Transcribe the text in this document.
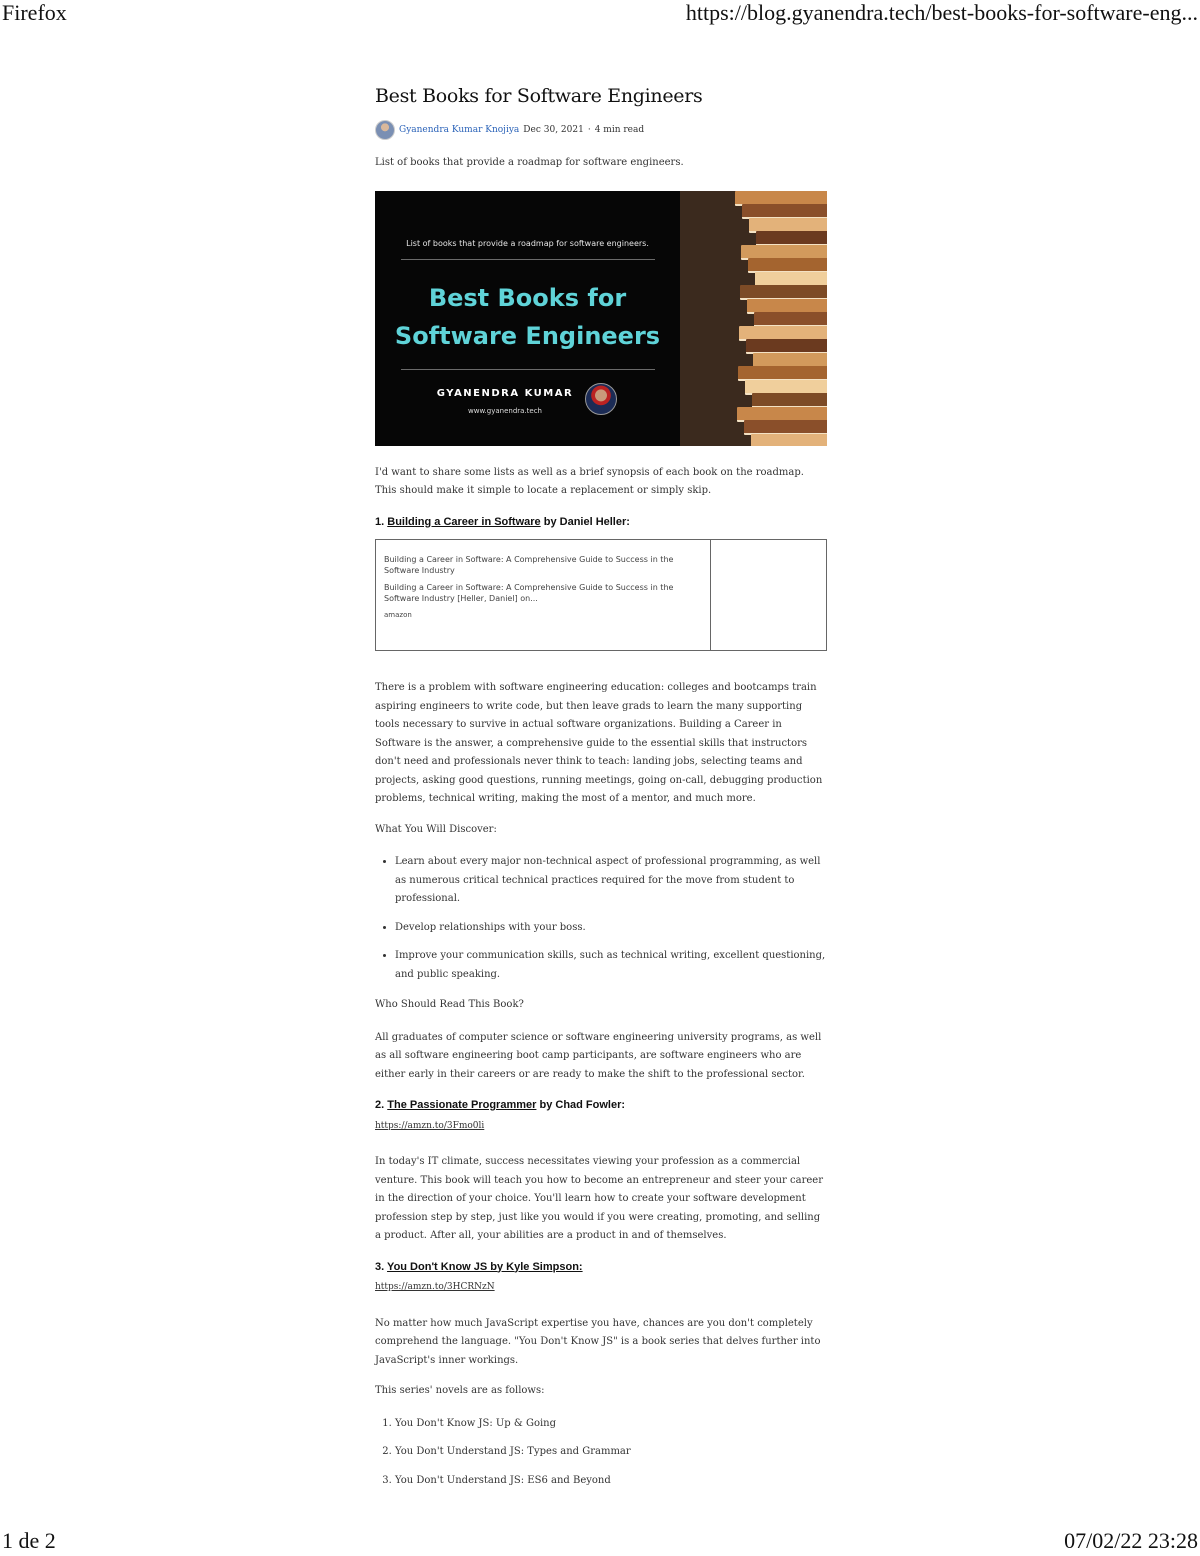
Firefox	https://blog.gyanendra.tech/best-books-for-software-eng...
Best Books for Software Engineers
Gyanendra Kumar Knojiya Dec 30, 2021 · 4 min read

List of books that provide a roadmap for software engineers.

List of books that provide a roadmap for software engineers.
Best Books for
Software Engineers
GYANENDRA KUMAR
www.gyanendra.tech

I'd want to share some lists as well as a brief synopsis of each book on the roadmap.

This should make it simple to locate a replacement or simply skip.

1. Building a Career in Software by Daniel Heller:
Building a Career in Software: A Comprehensive Guide to Success in the Software Industry
Building a Career in Software: A Comprehensive Guide to Success in the Software Industry [Heller, Daniel] on...
amazon

There is a problem with software engineering education: colleges and bootcamps train aspiring engineers to write code, but then leave grads to learn the many supporting tools necessary to survive in actual software organizations. Building a Career in Software is the answer, a comprehensive guide to the essential skills that instructors don't need and professionals never think to teach: landing jobs, selecting teams and projects, asking good questions, running meetings, going on-call, debugging production problems, technical writing, making the most of a mentor, and much more.

What You Will Discover:

• Learn about every major non-technical aspect of professional programming, as well as numerous critical technical practices required for the move from student to professional.
• Develop relationships with your boss.
• Improve your communication skills, such as technical writing, excellent questioning, and public speaking.

Who Should Read This Book?

All graduates of computer science or software engineering university programs, as well as all software engineering boot camp participants, are software engineers who are either early in their careers or are ready to make the shift to the professional sector.

2. The Passionate Programmer by Chad Fowler:
https://amzn.to/3Fmo0li

In today's IT climate, success necessitates viewing your profession as a commercial venture. This book will teach you how to become an entrepreneur and steer your career in the direction of your choice. You'll learn how to create your software development profession step by step, just like you would if you were creating, promoting, and selling a product. After all, your abilities are a product in and of themselves.

3. You Don't Know JS by Kyle Simpson:
https://amzn.to/3HCRNzN

No matter how much JavaScript expertise you have, chances are you don't completely comprehend the language. "You Don't Know JS" is a book series that delves further into JavaScript's inner workings.

This series' novels are as follows:

1. You Don't Know JS: Up & Going
2. You Don't Understand JS: Types and Grammar
3. You Don't Understand JS: ES6 and Beyond
1 de 2	07/02/22 23:28
